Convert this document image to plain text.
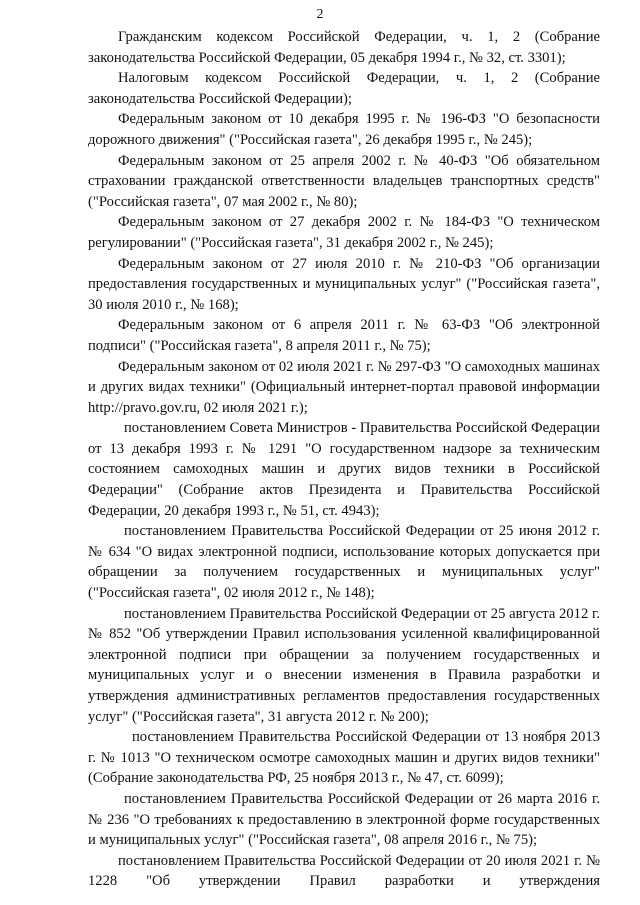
2

Гражданским кодексом Российской Федерации, ч. 1, 2 (Собрание законодательства Российской Федерации, 05 декабря 1994 г., № 32, ст. 3301);

Налоговым кодексом Российской Федерации, ч. 1, 2 (Собрание законодательства Российской Федерации);

Федеральным законом от 10 декабря 1995 г. № 196-ФЗ "О безопасности дорожного движения" ("Российская газета", 26 декабря 1995 г., № 245);

Федеральным законом от 25 апреля 2002 г. № 40-ФЗ "Об обязательном страховании гражданской ответственности владельцев транспортных средств" ("Российская газета", 07 мая 2002 г., № 80);

Федеральным законом от 27 декабря 2002 г. № 184-ФЗ "О техническом регулировании" ("Российская газета", 31 декабря 2002 г., № 245);

Федеральным законом от 27 июля 2010 г. № 210-ФЗ "Об организации предоставления государственных и муниципальных услуг" ("Российская газета", 30 июля 2010 г., № 168);

Федеральным законом от 6 апреля 2011 г. № 63-ФЗ "Об электронной подписи" ("Российская газета", 8 апреля 2011 г., № 75);

Федеральным законом от 02 июля 2021 г. № 297-ФЗ "О самоходных машинах и других видах техники" (Официальный интернет-портал правовой информации http://pravo.gov.ru, 02 июля 2021 г.);

постановлением Совета Министров - Правительства Российской Федерации от 13 декабря 1993 г. № 1291 "О государственном надзоре за техническим состоянием самоходных машин и других видов техники в Российской Федерации" (Собрание актов Президента и Правительства Российской Федерации, 20 декабря 1993 г., № 51, ст. 4943);

постановлением Правительства Российской Федерации от 25 июня 2012 г. № 634 "О видах электронной подписи, использование которых допускается при обращении за получением государственных и муниципальных услуг" ("Российская газета", 02 июля 2012 г., № 148);

постановлением Правительства Российской Федерации от 25 августа 2012 г. № 852 "Об утверждении Правил использования усиленной квалифицированной электронной подписи при обращении за получением государственных и муниципальных услуг и о внесении изменения в Правила разработки и утверждения административных регламентов предоставления государственных услуг" ("Российская газета", 31 августа 2012 г. № 200);

постановлением Правительства Российской Федерации от 13 ноября 2013 г. № 1013 "О техническом осмотре самоходных машин и других видов техники" (Собрание законодательства РФ, 25 ноября 2013 г., № 47, ст. 6099);

постановлением Правительства Российской Федерации от 26 марта 2016 г. № 236 "О требованиях к предоставлению в электронной форме государственных и муниципальных услуг" ("Российская газета", 08 апреля 2016 г., № 75);

постановлением Правительства Российской Федерации от 20 июля 2021 г. № 1228 "Об утверждении Правил разработки и утверждения
